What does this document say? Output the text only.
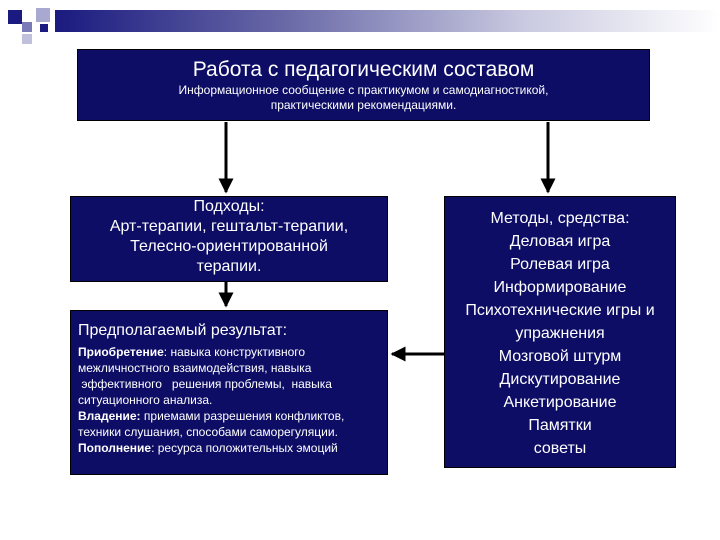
Работа с педагогическим составом
Информационное сообщение с практикумом и самодиагностикой,
практическими рекомендациями.
Подходы:
Арт-терапии, гештальт-терапии,
Телесно-ориентированной
терапии.
Методы, средства:
Деловая игра
Ролевая игра
Информирование
Психотехнические игры и
упражнения
Мозговой штурм
Дискутирование
Анкетирование
Памятки
советы
Предполагаемый результат:
Приобретение: навыка конструктивного
межличностного взаимодействия, навыка
эффективного   решения проблемы,  навыка
ситуационного анализа.
Владение: приемами разрешения конфликтов,
техники слушания, способами саморегуляции.
Пополнение: ресурса положительных эмоций
